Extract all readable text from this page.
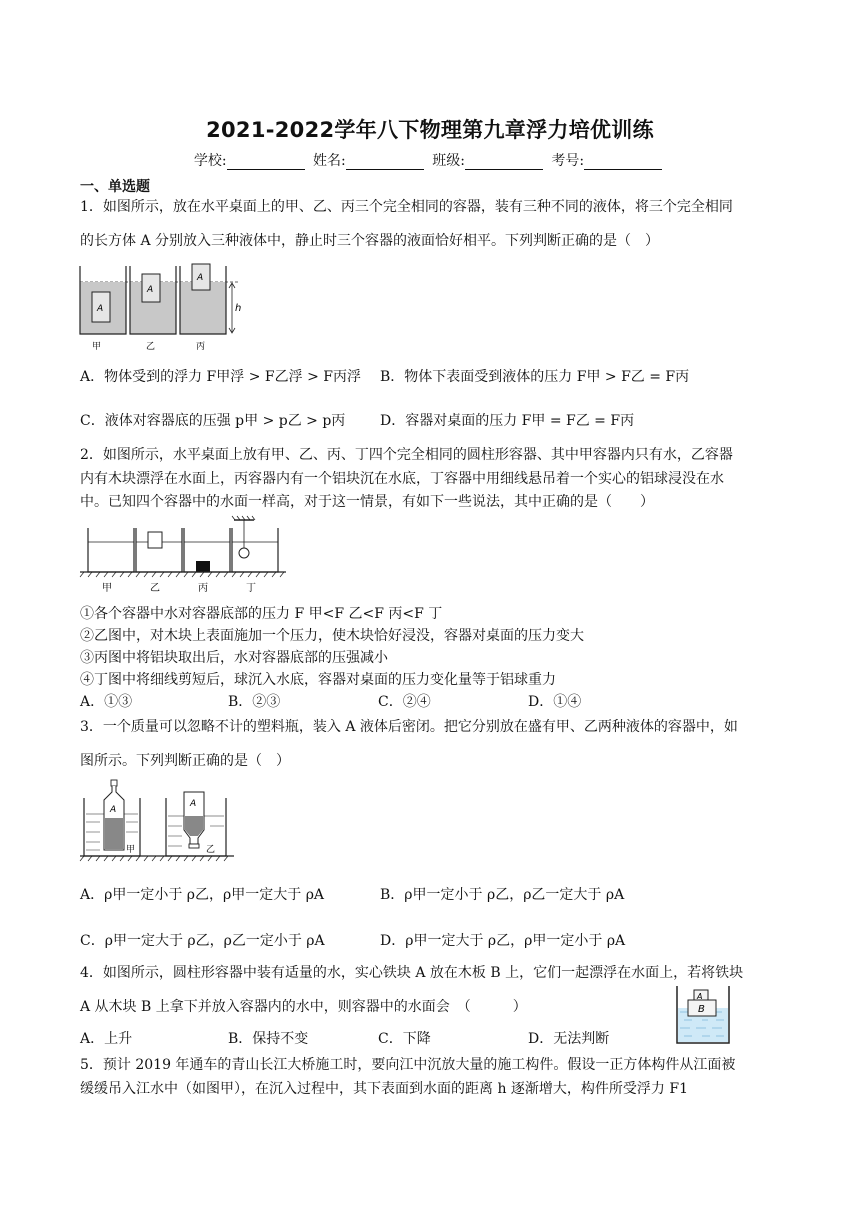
2021-2022学年八下物理第九章浮力培优训练
学校:	姓名:	班级:	考号:
一、单选题
1．如图所示，放在水平桌面上的甲、乙、丙三个完全相同的容器，装有三种不同的液体，将三个完全相同
的长方体 A 分别放入三种液体中，静止时三个容器的液面恰好相平。下列判断正确的是（　）
A
A
A
h
甲	乙	丙
A．物体受到的浮力 F甲浮 > F乙浮 > F丙浮 B．物体下表面受到液体的压力 F甲 > F乙 = F丙
C．液体对容器底的压强 p甲 > p乙 > p丙 D．容器对桌面的压力 F甲 = F乙 = F丙
2．如图所示，水平桌面上放有甲、乙、丙、丁四个完全相同的圆柱形容器、其中甲容器内只有水，乙容器
内有木块漂浮在水面上，丙容器内有一个铝块沉在水底，丁容器中用细线悬吊着一个实心的铝球浸没在水
中。已知四个容器中的水面一样高，对于这一情景，有如下一些说法，其中正确的是（　　）
甲	乙	丙	丁
①各个容器中水对容器底部的压力 F 甲<F 乙<F 丙<F 丁
②乙图中，对木块上表面施加一个压力，使木块恰好浸没，容器对桌面的压力变大
③丙图中将铝块取出后，水对容器底部的压强减小
④丁图中将细线剪短后，球沉入水底，容器对桌面的压力变化量等于铝球重力
A．①③	B．②③	C．②④	D．①④
3．一个质量可以忽略不计的塑料瓶，装入 A 液体后密闭。把它分别放在盛有甲、乙两种液体的容器中，如
图所示。下列判断正确的是（　）
A
甲
A
乙
A．ρ甲一定小于 ρ乙，ρ甲一定大于 ρA	B．ρ甲一定小于 ρ乙，ρ乙一定大于 ρA
C．ρ甲一定大于 ρ乙，ρ乙一定小于 ρA	D．ρ甲一定大于 ρ乙，ρ甲一定小于 ρA
4．如图所示，圆柱形容器中装有适量的水，实心铁块 A 放在木板 B 上，它们一起漂浮在水面上，若将铁块
A 从木块 B 上拿下并放入容器内的水中，则容器中的水面会　（　　　）
A．上升	B．保持不变	C．下降	D．无法判断
B
A
5．预计 2019 年通车的青山长江大桥施工时，要向江中沉放大量的施工构件。假设一正方体构件从江面被
缓缓吊入江水中（如图甲），在沉入过程中，其下表面到水面的距离 h 逐渐增大，构件所受浮力 F1
